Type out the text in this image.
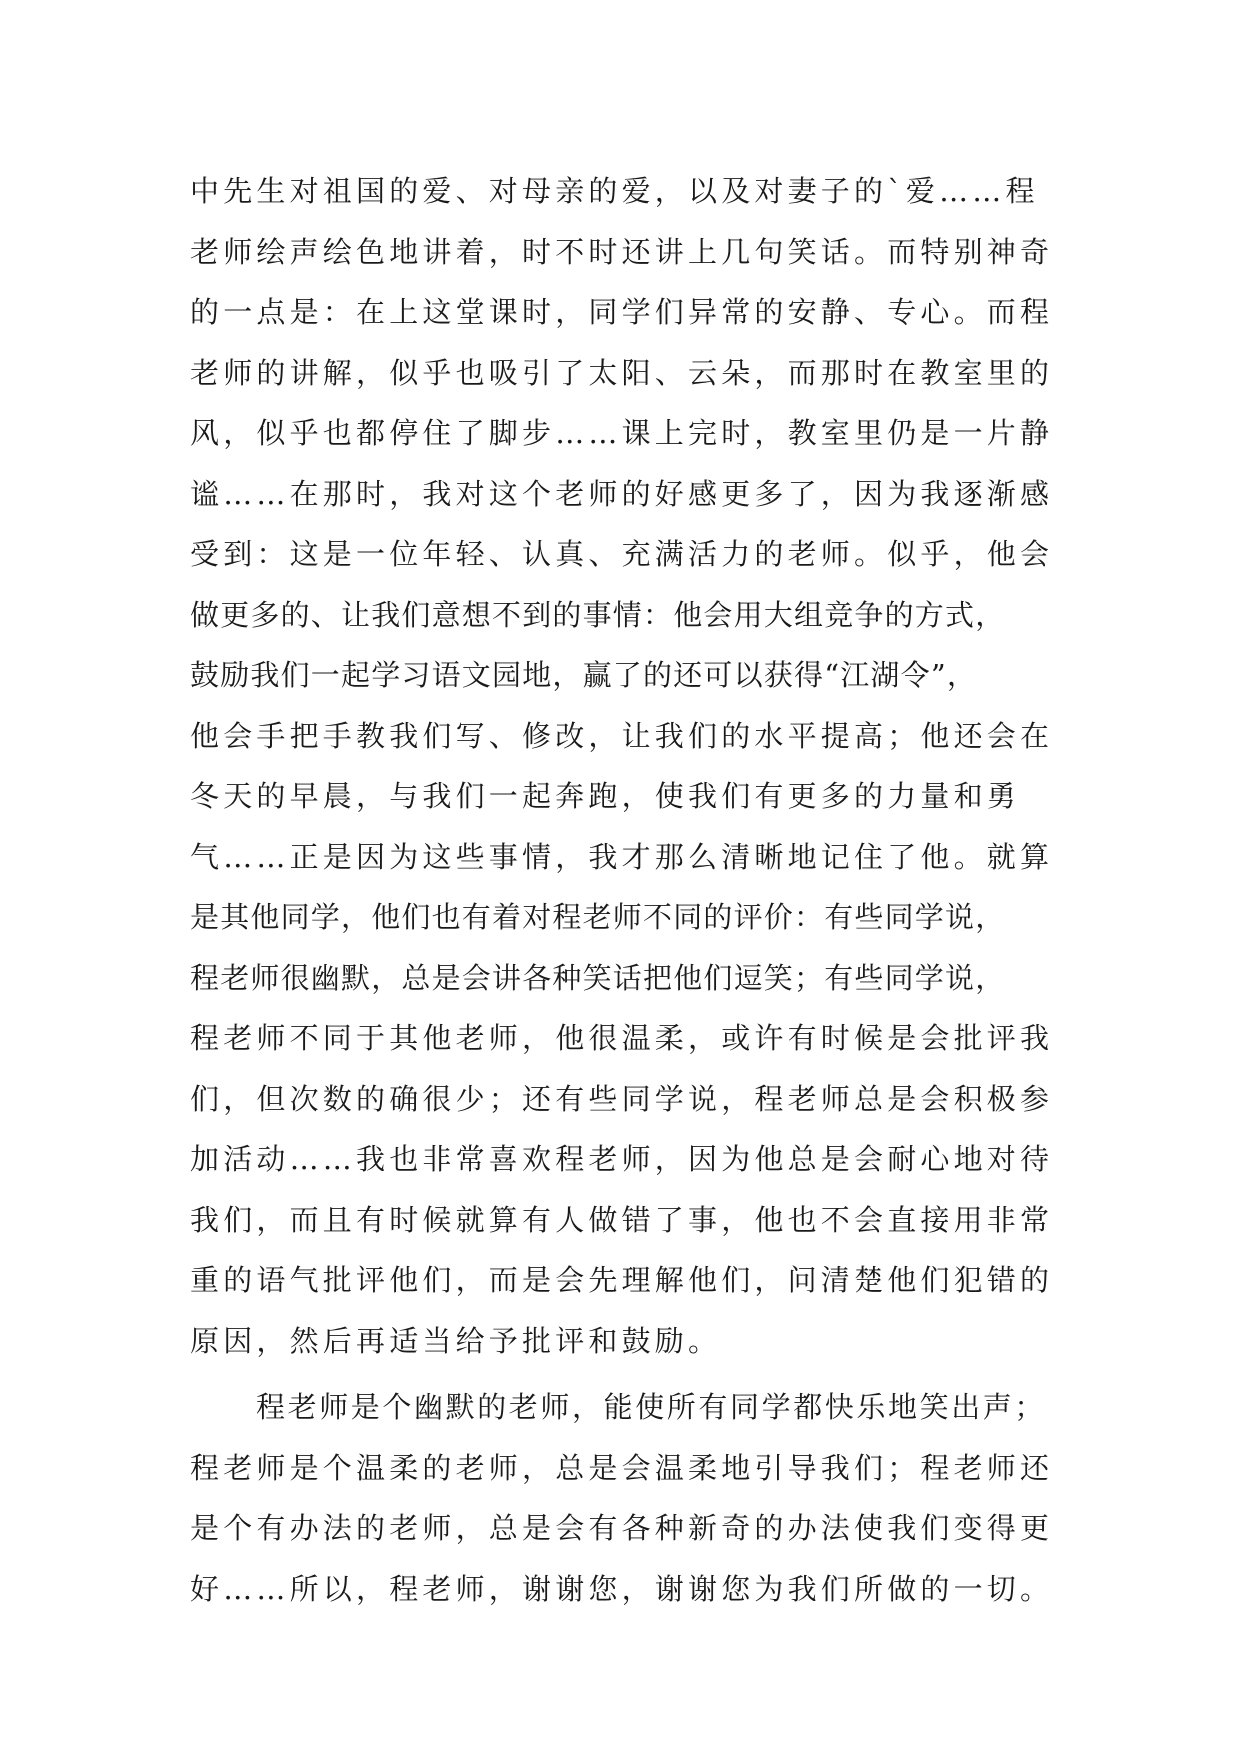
中先生对祖国的爱、对母亲的爱，以及对妻子的`爱……程
老师绘声绘色地讲着，时不时还讲上几句笑话。而特别神奇
的一点是：在上这堂课时，同学们异常的安静、专心。而程
老师的讲解，似乎也吸引了太阳、云朵，而那时在教室里的
风，似乎也都停住了脚步……课上完时，教室里仍是一片静
谧……在那时，我对这个老师的好感更多了，因为我逐渐感
受到：这是一位年轻、认真、充满活力的老师。似乎，他会
做更多的、让我们意想不到的事情：他会用大组竞争的方式，
鼓励我们一起学习语文园地，赢了的还可以获得“江湖令”，
他会手把手教我们写、修改，让我们的水平提高；他还会在
冬天的早晨，与我们一起奔跑，使我们有更多的力量和勇
气……正是因为这些事情，我才那么清晰地记住了他。就算
是其他同学，他们也有着对程老师不同的评价：有些同学说，
程老师很幽默，总是会讲各种笑话把他们逗笑；有些同学说，
程老师不同于其他老师，他很温柔，或许有时候是会批评我
们，但次数的确很少；还有些同学说，程老师总是会积极参
加活动……我也非常喜欢程老师，因为他总是会耐心地对待
我们，而且有时候就算有人做错了事，他也不会直接用非常
重的语气批评他们，而是会先理解他们，问清楚他们犯错的
原因，然后再适当给予批评和鼓励。
程老师是个幽默的老师，能使所有同学都快乐地笑出声；
程老师是个温柔的老师，总是会温柔地引导我们；程老师还
是个有办法的老师，总是会有各种新奇的办法使我们变得更
好……所以，程老师，谢谢您，谢谢您为我们所做的一切。
